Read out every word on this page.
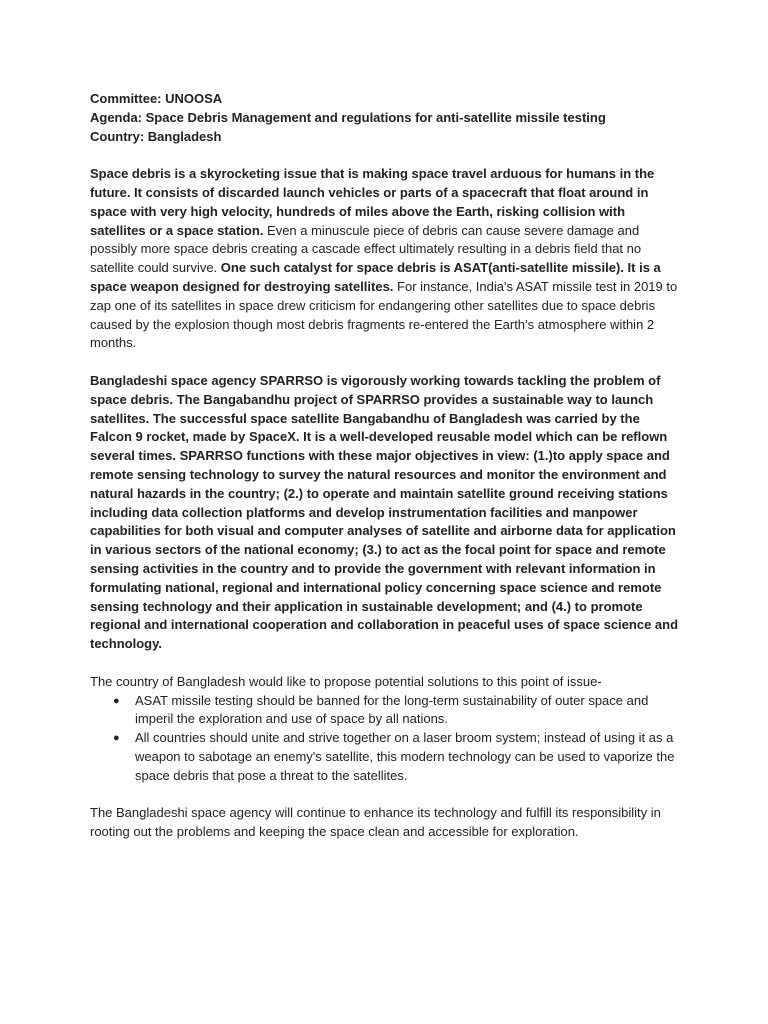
Committee: UNOOSA
Agenda: Space Debris Management and regulations for anti-satellite missile testing
Country: Bangladesh

Space debris is a skyrocketing issue that is making space travel arduous for humans in the future. It consists of discarded launch vehicles or parts of a spacecraft that float around in space with very high velocity, hundreds of miles above the Earth, risking collision with satellites or a space station. Even a minuscule piece of debris can cause severe damage and possibly more space debris creating a cascade effect ultimately resulting in a debris field that no satellite could survive. One such catalyst for space debris is ASAT(anti-satellite missile). It is a space weapon designed for destroying satellites. For instance, India's ASAT missile test in 2019 to zap one of its satellites in space drew criticism for endangering other satellites due to space debris caused by the explosion though most debris fragments re-entered the Earth’s atmosphere within 2 months.

Bangladeshi space agency SPARRSO is vigorously working towards tackling the problem of space debris. The Bangabandhu project of SPARRSO provides a sustainable way to launch satellites. The successful space satellite Bangabandhu of Bangladesh was carried by the Falcon 9 rocket, made by SpaceX. It is a well-developed reusable model which can be reflown several times. SPARRSO functions with these major objectives in view: (1.)to apply space and remote sensing technology to survey the natural resources and monitor the environment and natural hazards in the country; (2.) to operate and maintain satellite ground receiving stations including data collection platforms and develop instrumentation facilities and manpower capabilities for both visual and computer analyses of satellite and airborne data for application in various sectors of the national economy; (3.) to act as the focal point for space and remote sensing activities in the country and to provide the government with relevant information in formulating national, regional and international policy concerning space science and remote sensing technology and their application in sustainable development; and (4.) to promote regional and international cooperation and collaboration in peaceful uses of space science and technology.

The country of Bangladesh would like to propose potential solutions to this point of issue-

● ASAT missile testing should be banned for the long-term sustainability of outer space and imperil the exploration and use of space by all nations.
● All countries should unite and strive together on a laser broom system; instead of using it as a weapon to sabotage an enemy's satellite, this modern technology can be used to vaporize the space debris that pose a threat to the satellites.

The Bangladeshi space agency will continue to enhance its technology and fulfill its responsibility in rooting out the problems and keeping the space clean and accessible for exploration.
